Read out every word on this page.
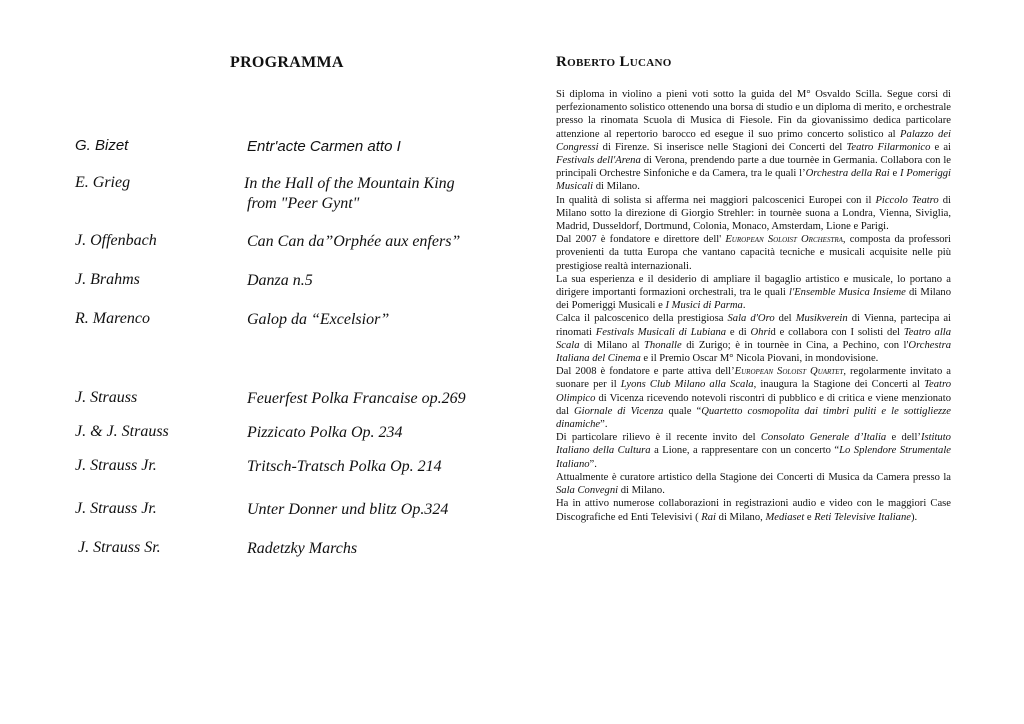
PROGRAMMA
G. Bizet	Entr'acte Carmen atto I
E. Grieg	In the Hall of the Mountain King
from "Peer Gynt"
J. Offenbach	Can Can da”Orphée aux enfers”
J. Brahms	Danza n.5
R. Marenco	Galop da “Excelsior”
J. Strauss	Feuerfest Polka Francaise op.269
J. & J. Strauss	Pizzicato Polka Op. 234
J. Strauss Jr.	Tritsch-Tratsch Polka Op. 214
J. Strauss Jr.	Unter Donner und blitz Op.324
J. Strauss Sr.	Radetzky Marchs
Roberto Lucano

Si diploma in violino a pieni voti sotto la guida del M° Osvaldo Scilla. Segue corsi di perfezionamento solistico ottenendo una borsa di studio e un diploma di merito, e orchestrale presso la rinomata Scuola di Musica di Fiesole. Fin da giovanissimo dedica particolare attenzione al repertorio barocco ed esegue il suo primo concerto solistico al Palazzo dei Congressi di Firenze. Si inserisce nelle Stagioni dei Concerti del Teatro Filarmonico e ai Festivals dell'Arena di Verona, prendendo parte a due tournèe in Germania. Collabora con le principali Orchestre Sinfoniche e da Camera, tra le quali l’Orchestra della Rai e I Pomeriggi Musicali di Milano.

In qualità di solista si afferma nei maggiori palcoscenici Europei con il Piccolo Teatro di Milano sotto la direzione di Giorgio Strehler: in tournèe suona a Londra, Vienna, Siviglia, Madrid, Dusseldorf, Dortmund, Colonia, Monaco, Amsterdam, Lione e Parigi.

Dal 2007 è fondatore e direttore dell' European Soloist Orchestra, composta da professori provenienti da tutta Europa che vantano capacità tecniche e musicali acquisite nelle più prestigiose realtà internazionali.

La sua esperienza e il desiderio di ampliare il bagaglio artistico e musicale, lo portano a dirigere importanti formazioni orchestrali, tra le quali l'Ensemble Musica Insieme di Milano dei Pomeriggi Musicali e I Musici di Parma.

Calca il palcoscenico della prestigiosa Sala d'Oro del Musikverein di Vienna, partecipa ai rinomati Festivals Musicali di Lubiana e di Ohrid e collabora con I solisti del Teatro alla Scala di Milano al Thonalle di Zurigo; è in tournèe in Cina, a Pechino, con l'Orchestra Italiana del Cinema e il Premio Oscar M° Nicola Piovani, in mondovisione.

Dal 2008 è fondatore e parte attiva dell’European Soloist Quartet, regolarmente invitato a suonare per il Lyons Club Milano alla Scala, inaugura la Stagione dei Concerti al Teatro Olimpico di Vicenza ricevendo notevoli riscontri di pubblico e di critica e viene menzionato dal Giornale di Vicenza quale “Quartetto cosmopolita dai timbri puliti e le sottigliezze dinamiche”.

Di particolare rilievo è il recente invito del Consolato Generale d’Italia e dell’Istituto Italiano della Cultura a Lione, a rappresentare con un concerto “Lo Splendore Strumentale Italiano”.

Attualmente è curatore artistico della Stagione dei Concerti di Musica da Camera presso la Sala Convegni di Milano.

Ha in attivo numerose collaborazioni in registrazioni audio e video con le maggiori Case Discografiche ed Enti Televisivi ( Rai di Milano, Mediaset e Reti Televisive Italiane).
